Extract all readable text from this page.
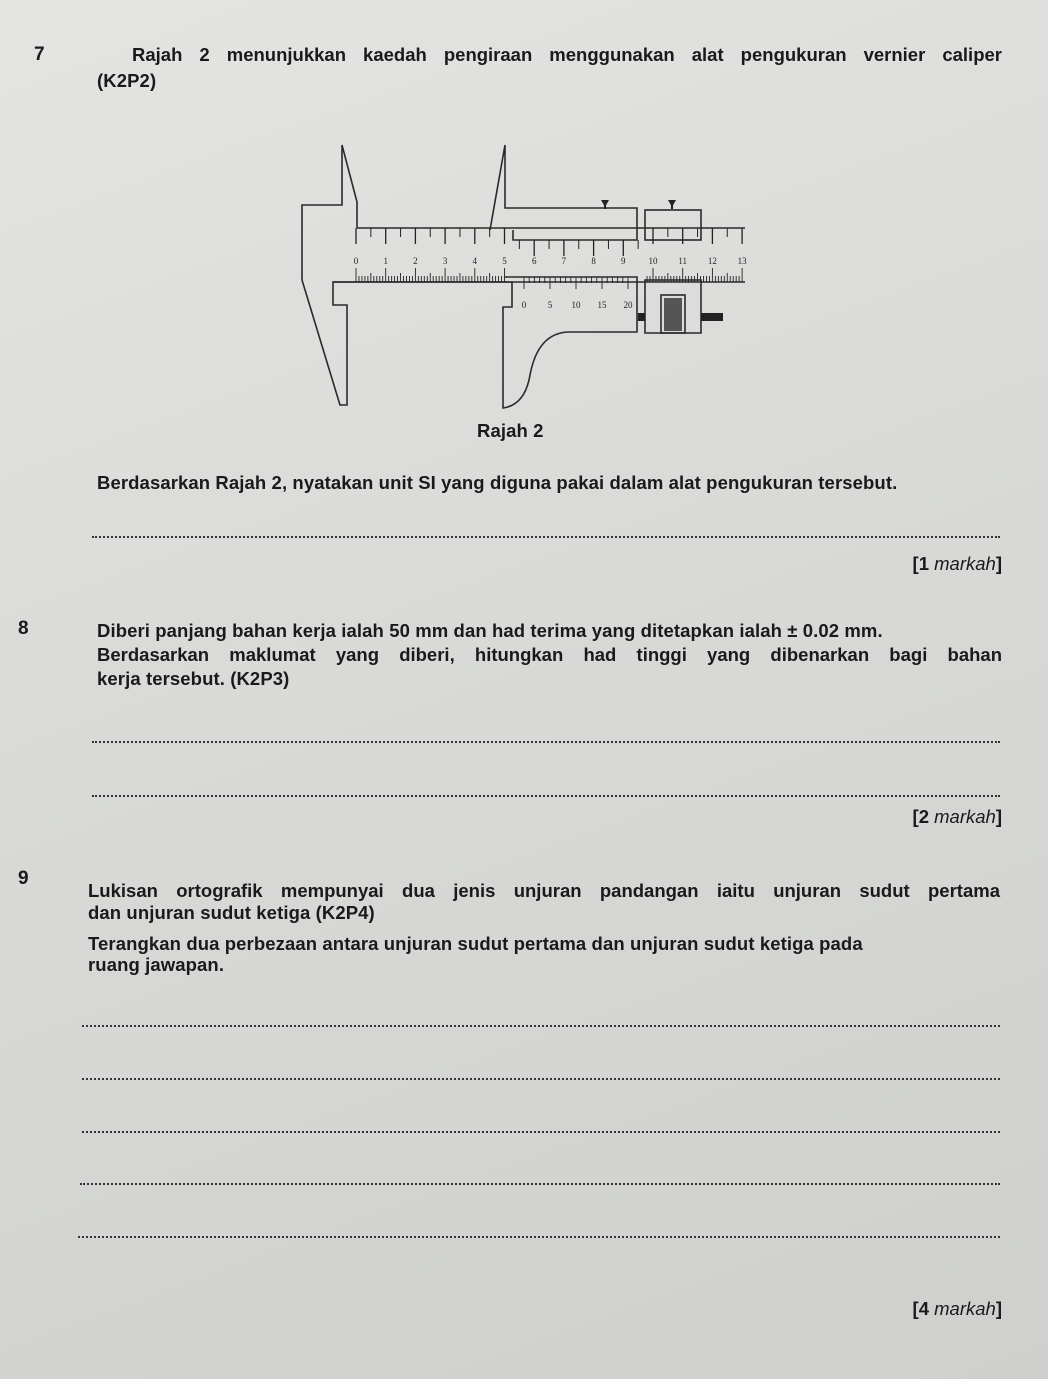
7	Rajah 2 menunjukkan kaedah pengiraan menggunakan alat pengukuran vernier caliper
(K2P2)
0	1	2	3	4	5	6	7	8	9	10 11 12 13
0 5 10 15 20
Rajah 2
Berdasarkan Rajah 2, nyatakan unit SI yang diguna pakai dalam alat pengukuran tersebut.
[1 markah]
8	Diberi panjang bahan kerja ialah 50 mm dan had terima yang ditetapkan ialah ± 0.02 mm.
Berdasarkan maklumat yang diberi, hitungkan had tinggi yang dibenarkan bagi bahan
kerja tersebut. (K2P3)
[2 markah]
9
Lukisan ortografik mempunyai dua jenis unjuran pandangan iaitu unjuran sudut pertama
dan unjuran sudut ketiga (K2P4)
Terangkan dua perbezaan antara unjuran sudut pertama dan unjuran sudut ketiga pada
ruang jawapan.
[4 markah]
